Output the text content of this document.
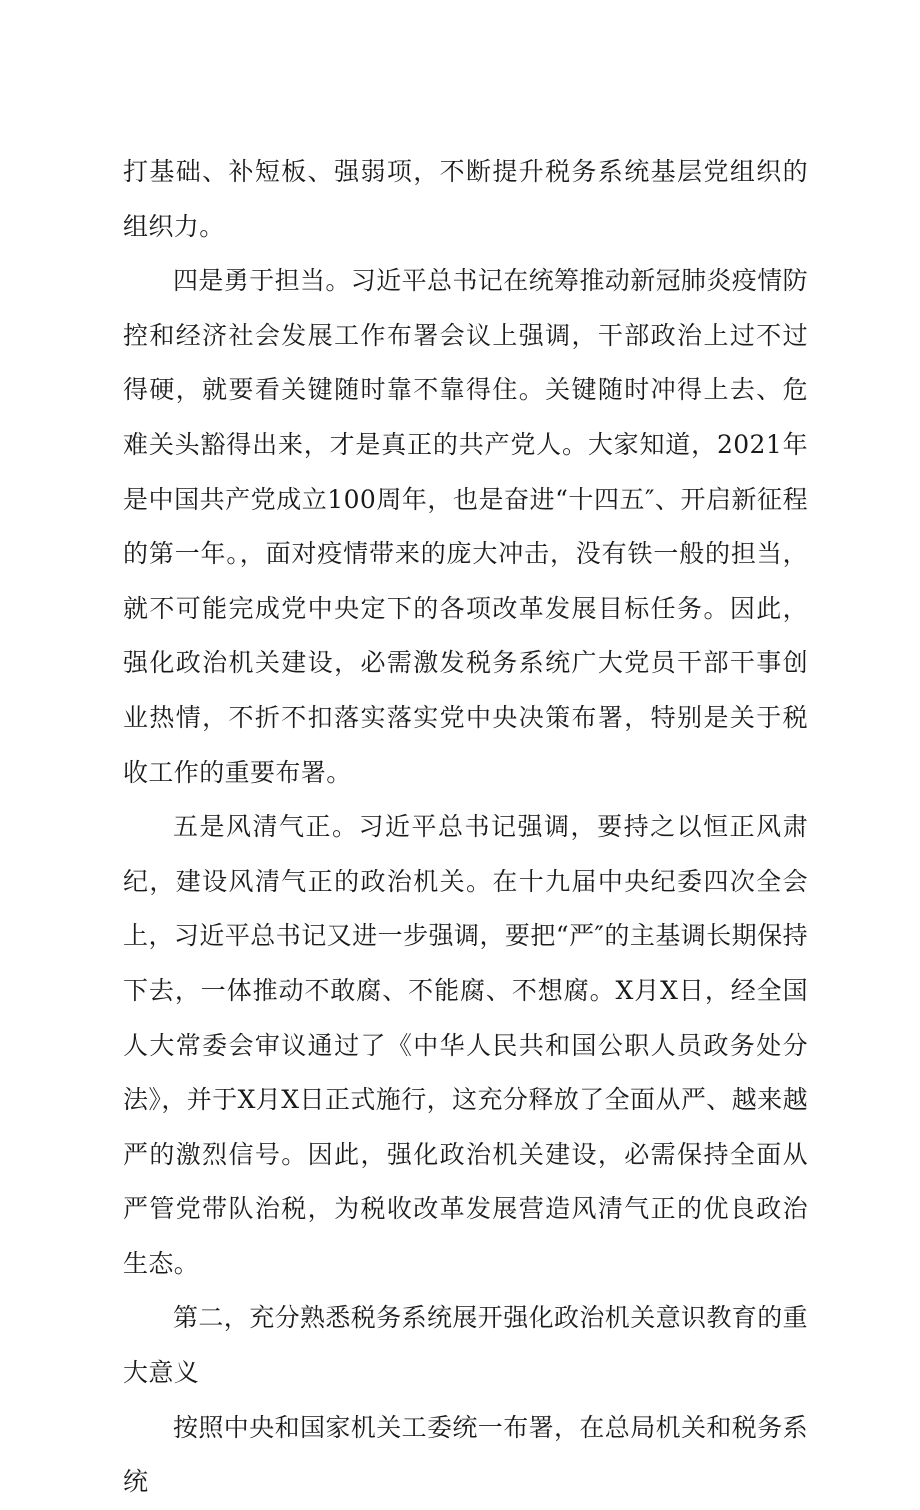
打基础、补短板、强弱项，不断提升税务系统基层党组织的组织力。

四是勇于担当。习近平总书记在统筹推动新冠肺炎疫情防控和经济社会发展工作布署会议上强调，干部政治上过不过得硬，就要看关键随时靠不靠得住。关键随时冲得上去、危难关头豁得出来，才是真正的共产党人。大家知道，2021年是中国共产党成立100周年，也是奋进“十四五″、开启新征程的第一年。，面对疫情带来的庞大冲击，没有铁一般的担当，就不可能完成党中央定下的各项改革发展目标任务。因此，强化政治机关建设，必需激发税务系统广大党员干部干事创业热情，不折不扣落实落实党中央决策布署，特别是关于税收工作的重要布署。

五是风清气正。习近平总书记强调，要持之以恒正风肃纪，建设风清气正的政治机关。在十九届中央纪委四次全会上，习近平总书记又进一步强调，要把“严″的主基调长期保持下去，一体推动不敢腐、不能腐、不想腐。X月X日，经全国人大常委会审议通过了《中华人民共和国公职人员政务处分法》，并于X月X日正式施行，这充分释放了全面从严、越来越严的激烈信号。因此，强化政治机关建设，必需保持全面从严管党带队治税，为税收改革发展营造风清气正的优良政治生态。

第二，充分熟悉税务系统展开强化政治机关意识教育的重大意义

按照中央和国家机关工委统一布署，在总局机关和税务系统
